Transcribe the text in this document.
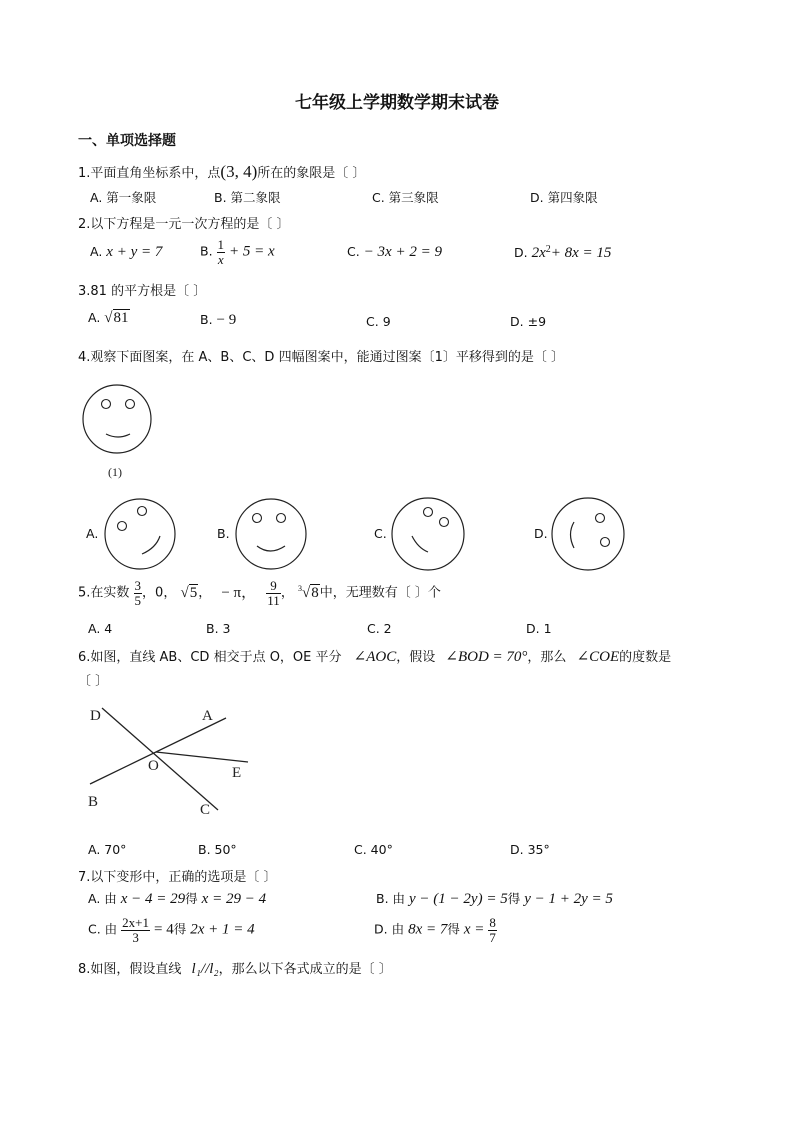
七年级上学期数学期末试卷
一、单项选择题
1.平面直角坐标系中，点(3, 4)所在的象限是〔 〕
A. 第一象限	B. 第二象限	C. 第三象限	D. 第四象限
2.以下方程是一元一次方程的是〔 〕
A. x + y = 7	B. $\frac{1}{x} + 5 = x$	C. − 3x + 2 = 9	D. $2x^2+ 8x = 15$
3.81 的平方根是〔 〕
A. √81	B. − 9	C. 9	D. ±9
4.观察下面图案，在 A、B、C、D 四幅图案中，能通过图案〔1〕平移得到的是〔 〕
(1)
A.	B.	C.	D.
5.在实数 $\frac{3}{5}$ ，0， √5， − π， $\frac{9}{11}$ ， $^3$√8中，无理数有〔 〕个
A. 4	B. 3	C. 2	D. 1
6.如图，直线 AB、CD 相交于点 O，OE 平分 ∠AOC，假设 ∠BOD = 70°，那么 ∠COE的度数是
〔 〕
D	A
O	E
B	C
A. 70°	B. 50°	C. 40°	D. 35°
7.以下变形中，正确的选项是〔 〕
A. 由 x − 4 = 29得 x = 29 − 4	B. 由 y − (1 − 2y) = 5得 y − 1 + 2y = 5
C. 由 $\frac{2x+1}{3} = 4$得 2x + 1 = 4	D. 由 8x = 7得 $x = \frac{8}{7}$
8.如图，假设直线 l₁//l₂，那么以下各式成立的是〔 〕
